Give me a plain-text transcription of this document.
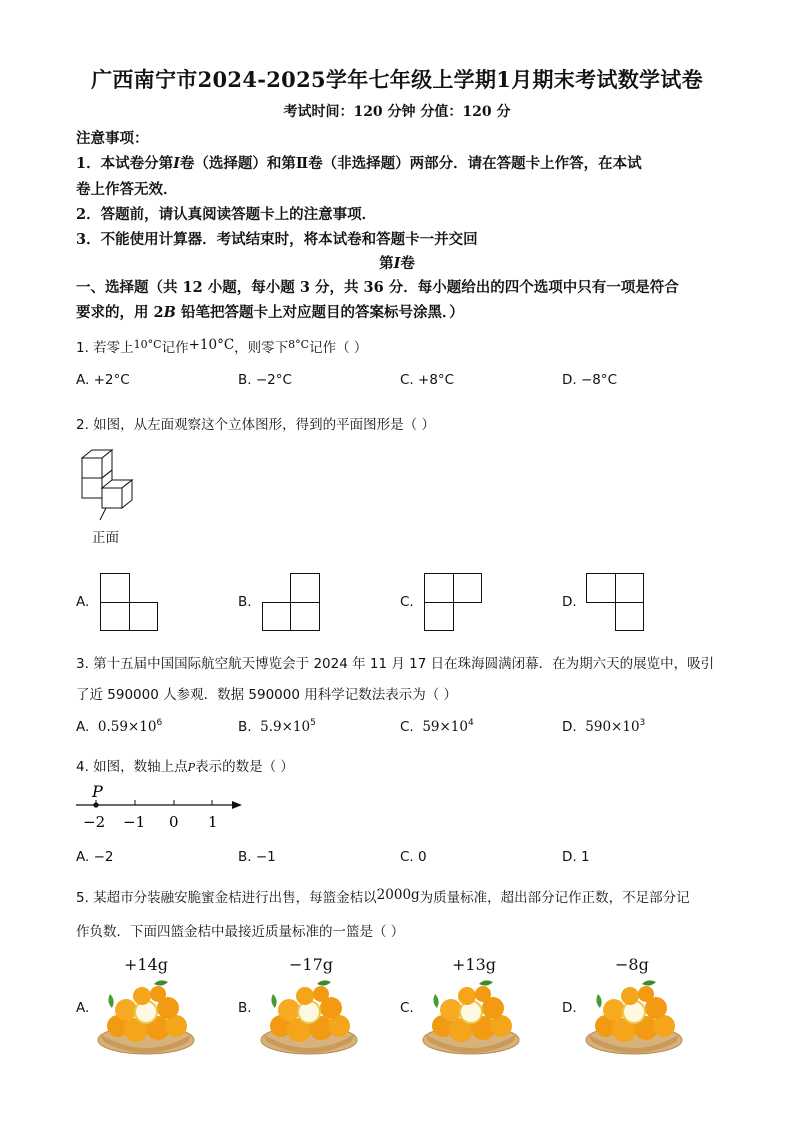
广西南宁市2024-2025学年七年级上学期1月期末考试数学试卷
考试时间：120 分钟 分值：120 分
注意事项：
1．本试卷分第I卷（选择题）和第Ⅱ卷（非选择题）两部分．请在答题卡上作答，在本试
卷上作答无效．
2．答题前，请认真阅读答题卡上的注意事项．
3．不能使用计算器．考试结束时，将本试卷和答题卡一并交回
第I卷
一、选择题（共 12 小题，每小题 3 分，共 36 分．每小题给出的四个选项中只有一项是符合
要求的，用 2B 铅笔把答题卡上对应题目的答案标号涂黑．）
1. 若零上$^{10^\circ C}$记作+10°C，则零下$^{8^\circ C}$记作（ ）
A. +2°C	B. −2°C	C. +8°C	D. −8°C
2. 如图，从左面观察这个立体图形，得到的平面图形是（ ）
正面
A.	B.	C.	D.
3. 第十五届中国国际航空航天博览会于 2024 年 11 月 17 日在珠海圆满闭幕．在为期六天的展览中，吸引
了近 590000 人参观．数据 590000 用科学记数法表示为（ ）
A. $0.59\times 10^6$	B. $5.9\times 10^5$	C. $59\times 10^4$	D. $590\times 10^3$
4. 如图，数轴上点P表示的数是（ ）
P
−2 −1 0 1
A. −2	B. −1	C. 0	D. 1
5. 某超市分装融安脆蜜金桔进行出售，每篮金桔以2000g为质量标准，超出部分记作正数，不足部分记
作负数．下面四篮金桔中最接近质量标准的一篮是（ ）
+14g	−17g	+13g	−8g
A.	B.	C.	D.
